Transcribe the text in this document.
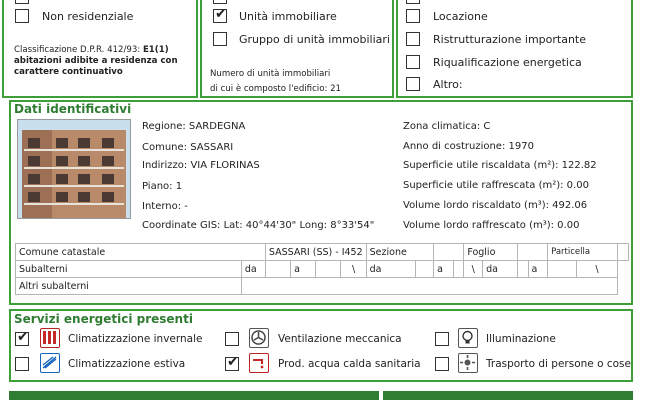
Non residenziale
Classificazione D.P.R. 412/93: E1(1)
abitazioni adibite a residenza con
carattere continuativo
✔
Unità immobiliare
Gruppo di unità immobiliari
Numero di unità immobiliari
di cui è composto l'edificio: 21
Locazione
Ristrutturazione importante
Riqualificazione energetica
Altro:
Dati identificativi
Regione: SARDEGNA
Comune: SASSARI
Indirizzo: VIA FLORINAS
Piano: 1
Interno: -
Coordinate GIS: Lat: 40°44'30" Long: 8°33'54"
Zona climatica: C
Anno di costruzione: 1970
Superficie utile riscaldata (m²): 122.82
Superficie utile raffrescata (m²): 0.00
Volume lordo riscaldato (m³): 492.06
Volume lordo raffrescato (m³): 0.00
Comune catastale		SASSARI (SS) - I452				Sezione				Foglio				Particella		
Subalterni	da		a		\	da		a		\	da		a		\	
Altri subalterni																
Servizi energetici presenti
✔
Climatizzazione invernale	Ventilazione meccanica	Illuminazione
Climatizzazione estiva ✔	Prod. acqua calda sanitaria	Trasporto di persone o cose
